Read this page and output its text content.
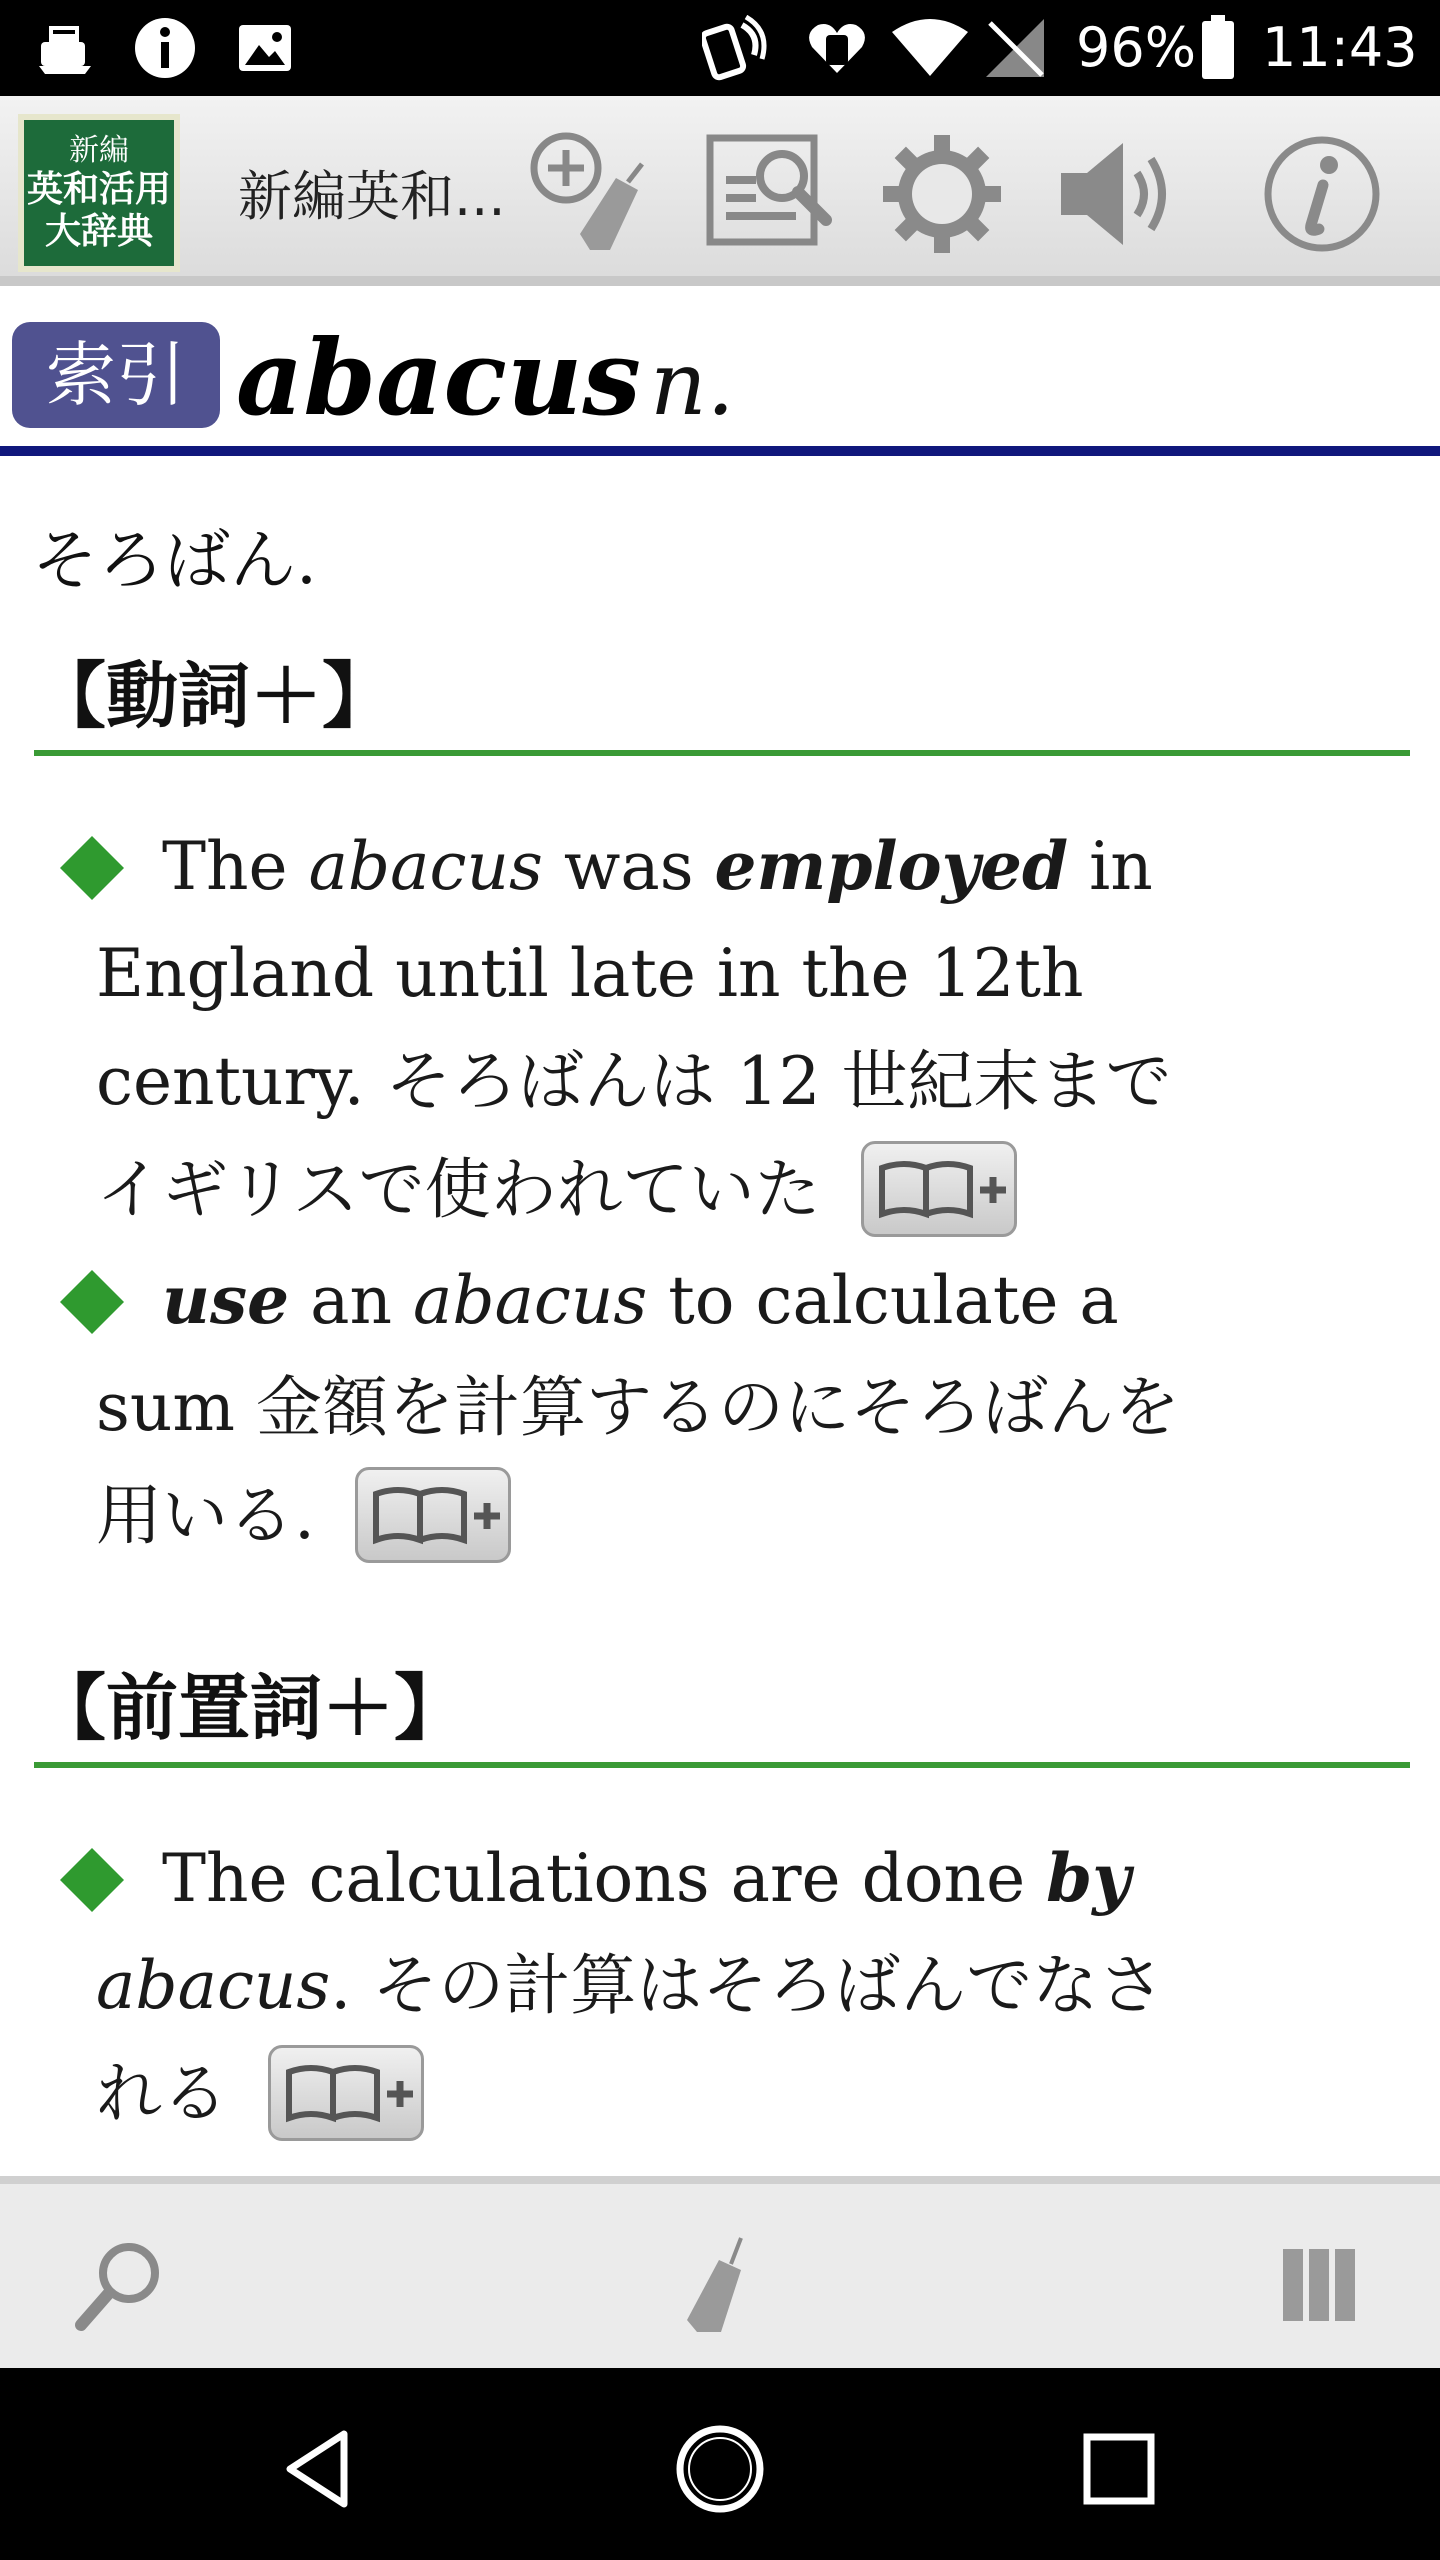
96% 11:43
新編
英和活用
大辞典
新編英和...
索引 abacus n.
そろばん.
【動詞＋】
The abacus was employed in
England until late in the 12th
century. そろばんは 12 世紀末まで
イギリスで使われていた
use an abacus to calculate a
sum 金額を計算するのにそろばんを
用いる.
【前置詞＋】
The calculations are done by
abacus. その計算はそろばんでなさ
れる
